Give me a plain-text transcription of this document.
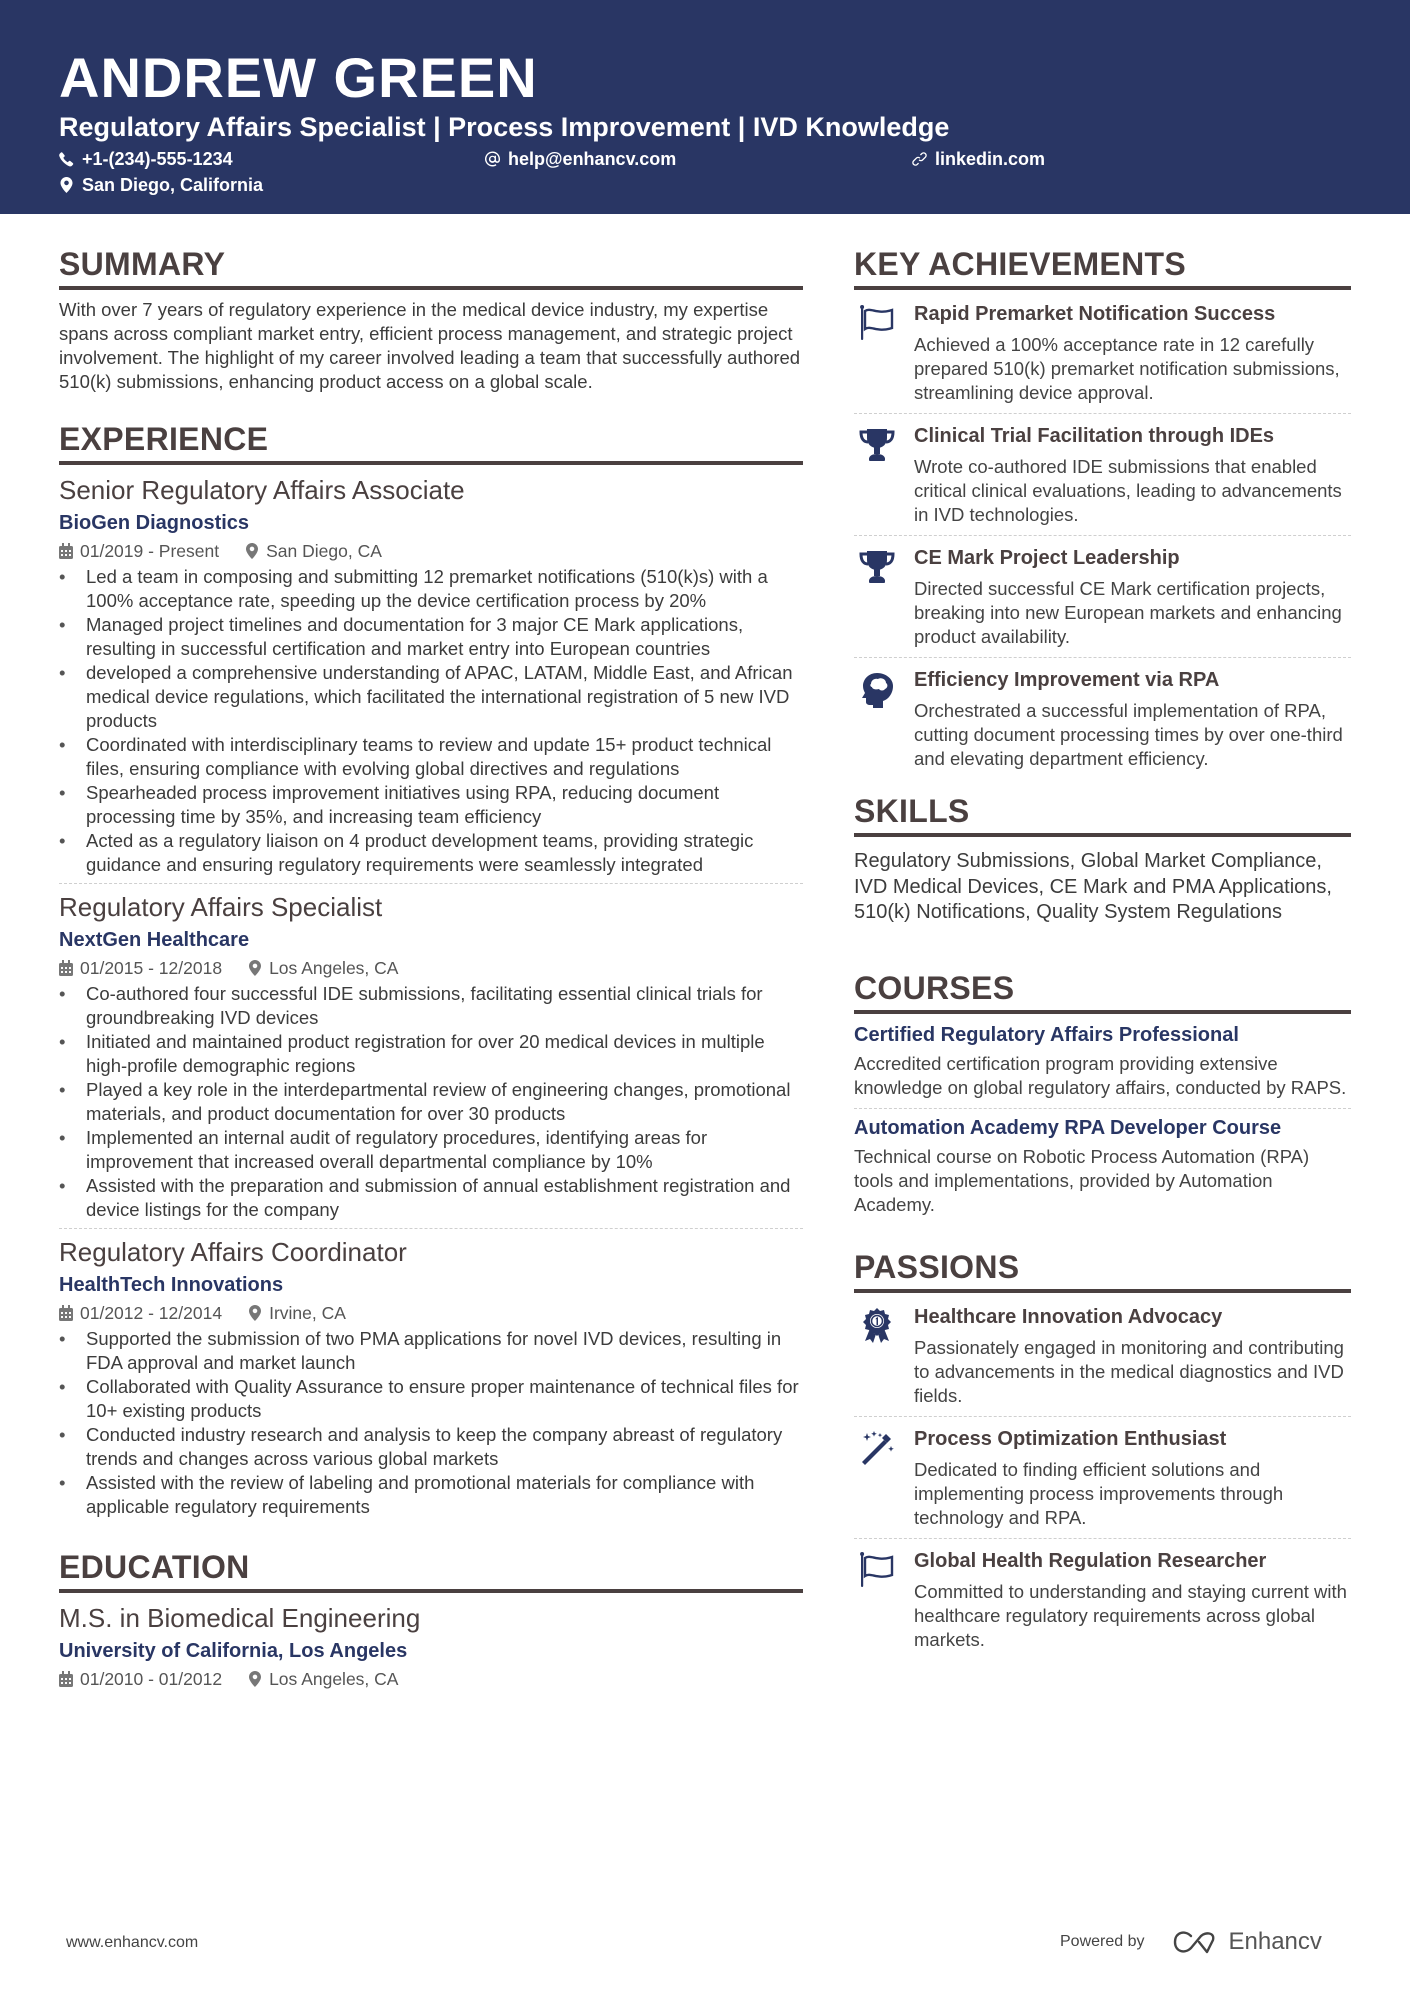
ANDREW GREEN
Regulatory Affairs Specialist | Process Improvement | IVD Knowledge
+1-(234)-555-1234	help@enhancv.com	linkedin.com
San Diego, California
SUMMARY

With over 7 years of regulatory experience in the medical device industry, my expertise spans across compliant market entry, efficient process management, and strategic project involvement. The highlight of my career involved leading a team that successfully authored 510(k) submissions, enhancing product access on a global scale.

EXPERIENCE
Senior Regulatory Affairs Associate
BioGen Diagnostics
01/2019 - Present	San Diego, CA
• Led a team in composing and submitting 12 premarket notifications (510(k)s) with a 100% acceptance rate, speeding up the device certification process by 20%
• Managed project timelines and documentation for 3 major CE Mark applications, resulting in successful certification and market entry into European countries
• developed a comprehensive understanding of APAC, LATAM, Middle East, and African medical device regulations, which facilitated the international registration of 5 new IVD products
• Coordinated with interdisciplinary teams to review and update 15+ product technical files, ensuring compliance with evolving global directives and regulations
• Spearheaded process improvement initiatives using RPA, reducing document processing time by 35%, and increasing team efficiency
• Acted as a regulatory liaison on 4 product development teams, providing strategic guidance and ensuring regulatory requirements were seamlessly integrated
Regulatory Affairs Specialist
NextGen Healthcare
01/2015 - 12/2018	Los Angeles, CA
• Co-authored four successful IDE submissions, facilitating essential clinical trials for groundbreaking IVD devices
• Initiated and maintained product registration for over 20 medical devices in multiple high-profile demographic regions
• Played a key role in the interdepartmental review of engineering changes, promotional materials, and product documentation for over 30 products
• Implemented an internal audit of regulatory procedures, identifying areas for improvement that increased overall departmental compliance by 10%
• Assisted with the preparation and submission of annual establishment registration and device listings for the company
Regulatory Affairs Coordinator
HealthTech Innovations
01/2012 - 12/2014	Irvine, CA
• Supported the submission of two PMA applications for novel IVD devices, resulting in FDA approval and market launch
• Collaborated with Quality Assurance to ensure proper maintenance of technical files for 10+ existing products
• Conducted industry research and analysis to keep the company abreast of regulatory trends and changes across various global markets
• Assisted with the review of labeling and promotional materials for compliance with applicable regulatory requirements
EDUCATION
M.S. in Biomedical Engineering
University of California, Los Angeles
01/2010 - 01/2012	Los Angeles, CA
KEY ACHIEVEMENTS
Rapid Premarket Notification Success
Achieved a 100% acceptance rate in 12 carefully prepared 510(k) premarket notification submissions, streamlining device approval.
Clinical Trial Facilitation through IDEs
Wrote co-authored IDE submissions that enabled critical clinical evaluations, leading to advancements in IVD technologies.
CE Mark Project Leadership
Directed successful CE Mark certification projects, breaking into new European markets and enhancing product availability.
Efficiency Improvement via RPA
Orchestrated a successful implementation of RPA, cutting document processing times by over one-third and elevating department efficiency.
SKILLS

Regulatory Submissions, Global Market Compliance, IVD Medical Devices, CE Mark and PMA Applications, 510(k) Notifications, Quality System Regulations

COURSES
Certified Regulatory Affairs Professional
Accredited certification program providing extensive knowledge on global regulatory affairs, conducted by RAPS.
Automation Academy RPA Developer Course
Technical course on Robotic Process Automation (RPA) tools and implementations, provided by Automation Academy.
PASSIONS
Healthcare Innovation Advocacy
Passionately engaged in monitoring and contributing to advancements in the medical diagnostics and IVD fields.
Process Optimization Enthusiast
Dedicated to finding efficient solutions and implementing process improvements through technology and RPA.
Global Health Regulation Researcher
Committed to understanding and staying current with healthcare regulatory requirements across global markets.
www.enhancv.com	Powered by	Enhancv
